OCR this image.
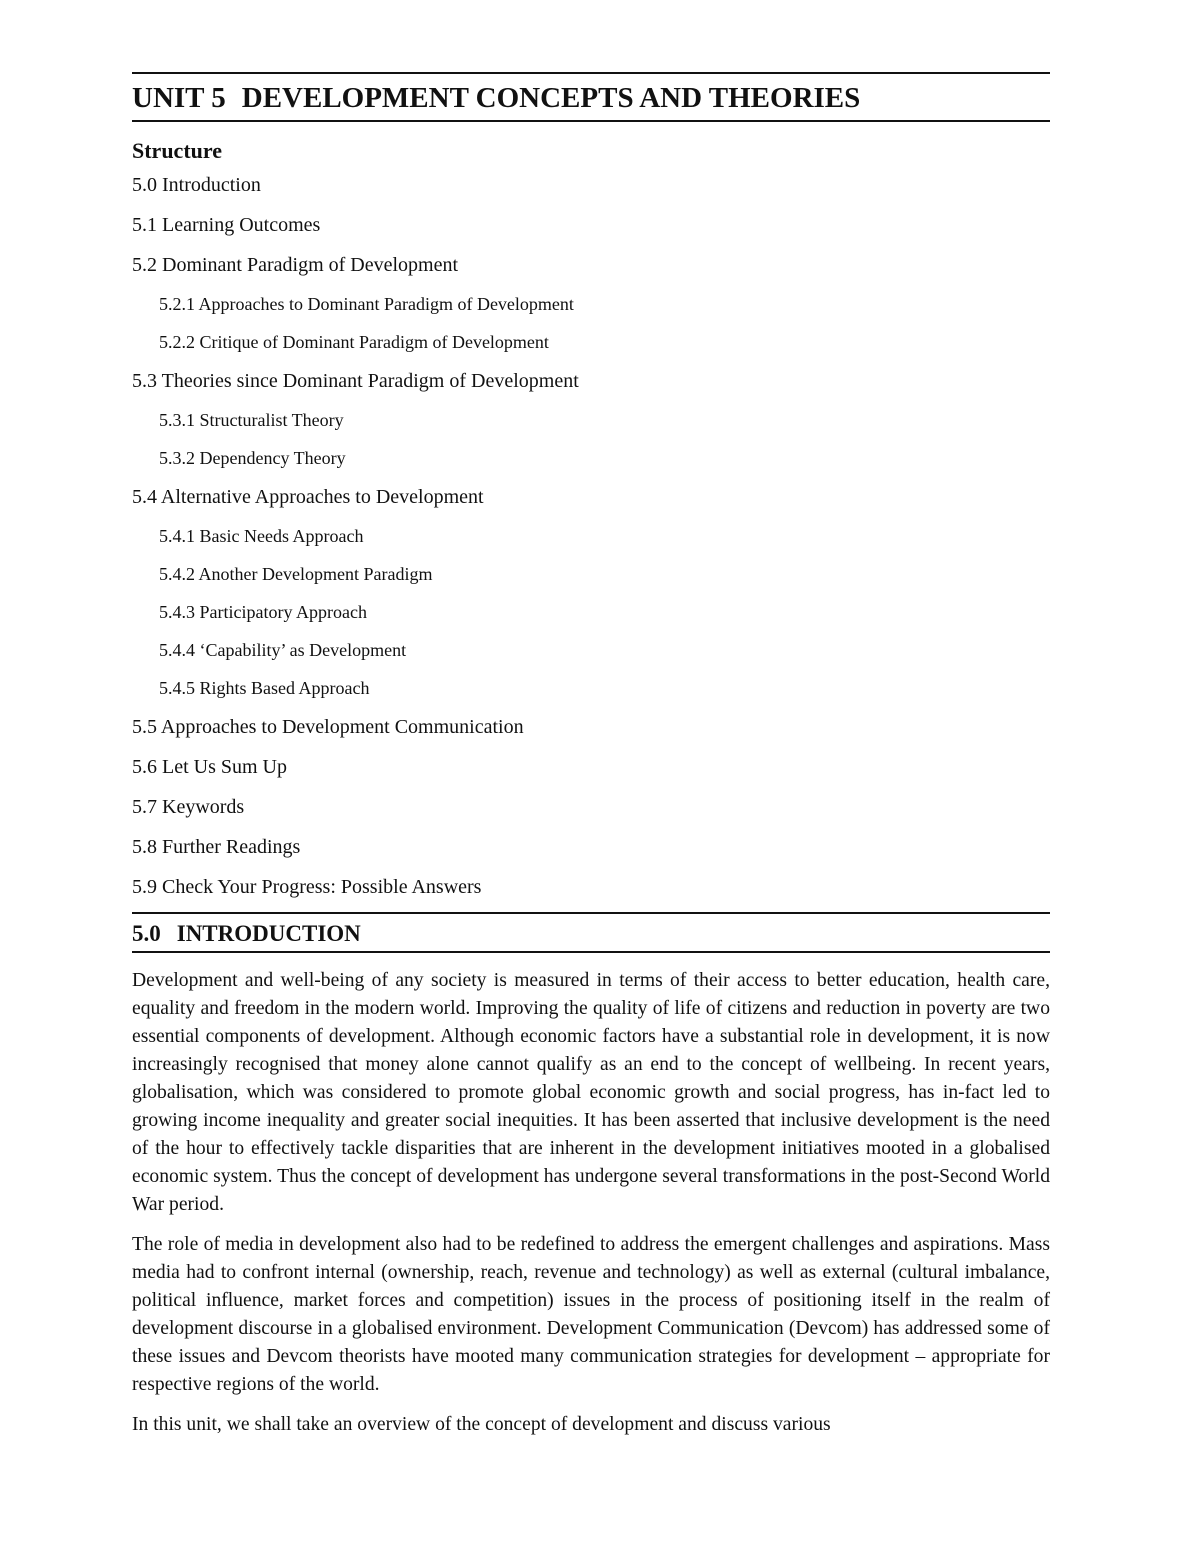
UNIT 5 DEVELOPMENT CONCEPTS AND THEORIES
Structure
5.0 Introduction
5.1 Learning Outcomes
5.2 Dominant Paradigm of Development
5.2.1 Approaches to Dominant Paradigm of Development
5.2.2 Critique of Dominant Paradigm of Development
5.3 Theories since Dominant Paradigm of Development
5.3.1 Structuralist Theory
5.3.2 Dependency Theory
5.4 Alternative Approaches to Development
5.4.1 Basic Needs Approach
5.4.2 Another Development Paradigm
5.4.3 Participatory Approach
5.4.4 ‘Capability’ as Development
5.4.5 Rights Based Approach
5.5 Approaches to Development Communication
5.6 Let Us Sum Up
5.7 Keywords
5.8 Further Readings
5.9 Check Your Progress: Possible Answers
5.0 INTRODUCTION

Development and well-being of any society is measured in terms of their access to better education, health care, equality and freedom in the modern world. Improving the quality of life of citizens and reduction in poverty are two essential components of development. Although economic factors have a substantial role in development, it is now increasingly recognised that money alone cannot qualify as an end to the concept of wellbeing. In recent years, globalisation, which was considered to promote global economic growth and social progress, has in-fact led to growing income inequality and greater social inequities. It has been asserted that inclusive development is the need of the hour to effectively tackle disparities that are inherent in the development initiatives mooted in a globalised economic system. Thus the concept of development has undergone several transformations in the post-Second World War period.

The role of media in development also had to be redefined to address the emergent challenges and aspirations. Mass media had to confront internal (ownership, reach, revenue and technology) as well as external (cultural imbalance, political influence, market forces and competition) issues in the process of positioning itself in the realm of development discourse in a globalised environment. Development Communication (Devcom) has addressed some of these issues and Devcom theorists have mooted many communication strategies for development – appropriate for respective regions of the world.

In this unit, we shall take an overview of the concept of development and discuss various
